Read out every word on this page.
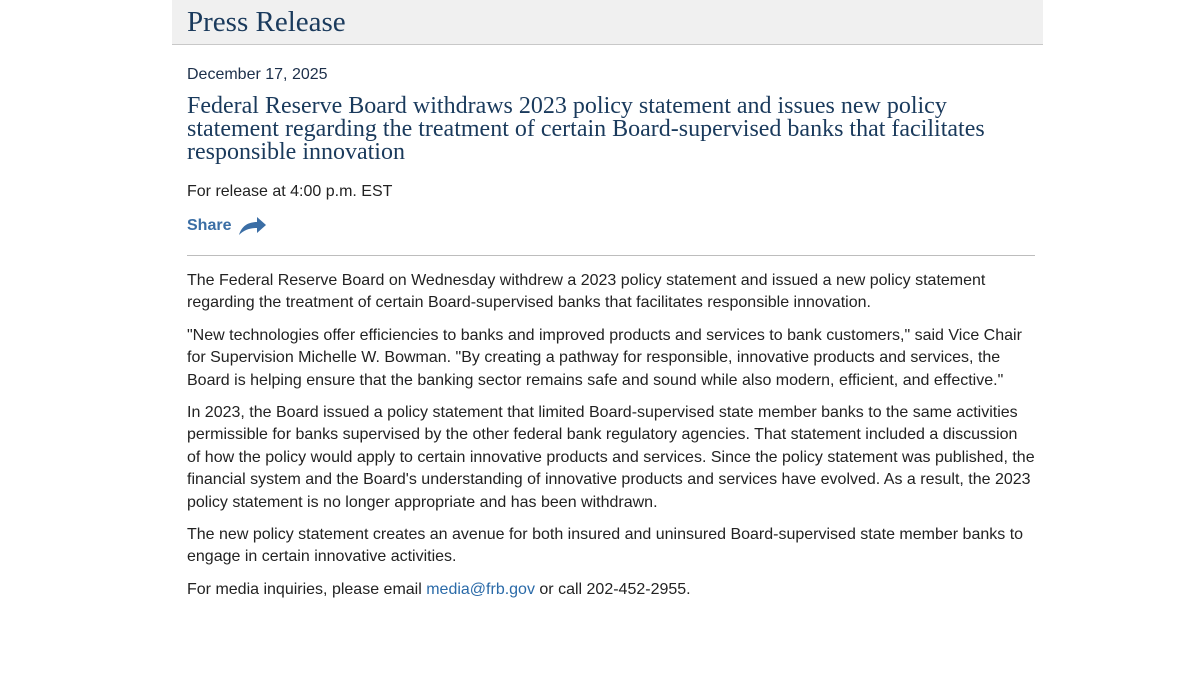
Press Release

December 17, 2025

Federal Reserve Board withdraws 2023 policy statement and issues new policy statement regarding the treatment of certain Board-supervised banks that facilitates responsible innovation

For release at 4:00 p.m. EST

Share

The Federal Reserve Board on Wednesday withdrew a 2023 policy statement and issued a new policy statement regarding the treatment of certain Board-supervised banks that facilitates responsible innovation.

"New technologies offer efficiencies to banks and improved products and services to bank customers," said Vice Chair for Supervision Michelle W. Bowman. "By creating a pathway for responsible, innovative products and services, the Board is helping ensure that the banking sector remains safe and sound while also modern, efficient, and effective."

In 2023, the Board issued a policy statement that limited Board-supervised state member banks to the same activities permissible for banks supervised by the other federal bank regulatory agencies. That statement included a discussion of how the policy would apply to certain innovative products and services. Since the policy statement was published, the financial system and the Board's understanding of innovative products and services have evolved. As a result, the 2023 policy statement is no longer appropriate and has been withdrawn.

The new policy statement creates an avenue for both insured and uninsured Board-supervised state member banks to engage in certain innovative activities.

For media inquiries, please email media@frb.gov or call 202-452-2955.
